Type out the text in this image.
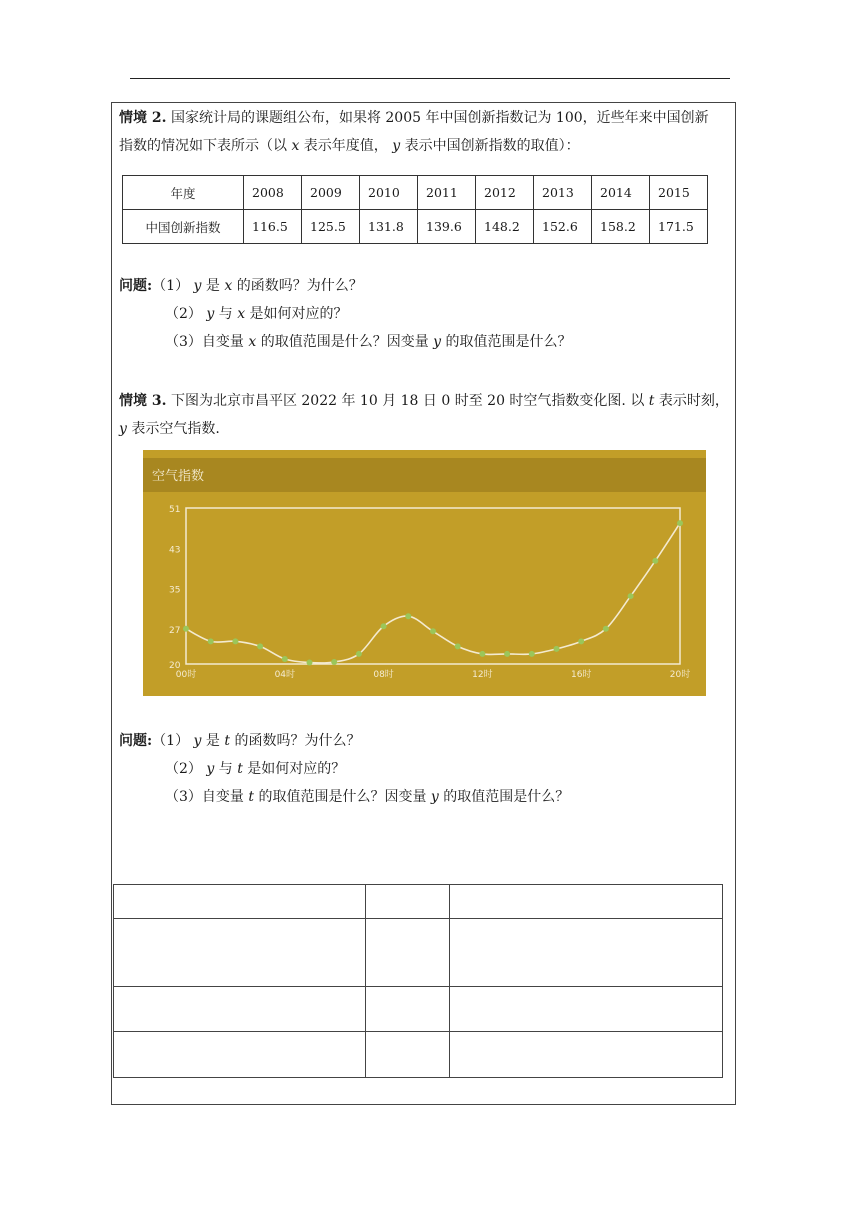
情境 2. 国家统计局的课题组公布，如果将 2005 年中国创新指数记为 100，近些年来中国创新
指数的情况如下表所示（以 x 表示年度值， y 表示中国创新指数的取值）：
年度	2008	2009	2010	2011	2012	2013	2014	2015
中国创新指数	116.5	125.5	131.8	139.6	148.2	152.6	158.2	171.5
问题:（1） y 是 x 的函数吗？为什么？
（2） y 与 x 是如何对应的？
（3）自变量 x 的取值范围是什么？因变量 y 的取值范围是什么？
情境 3. 下图为北京市昌平区 2022 年 10 月 18 日 0 时至 20 时空气指数变化图. 以 t 表示时刻，
y 表示空气指数.
空气指数
51
43
35
27
20
00时	04时	08时	12时	16时	20时
问题:（1） y 是 t 的函数吗？为什么？
（2） y 与 t 是如何对应的？
（3）自变量 t 的取值范围是什么？因变量 y 的取值范围是什么？
